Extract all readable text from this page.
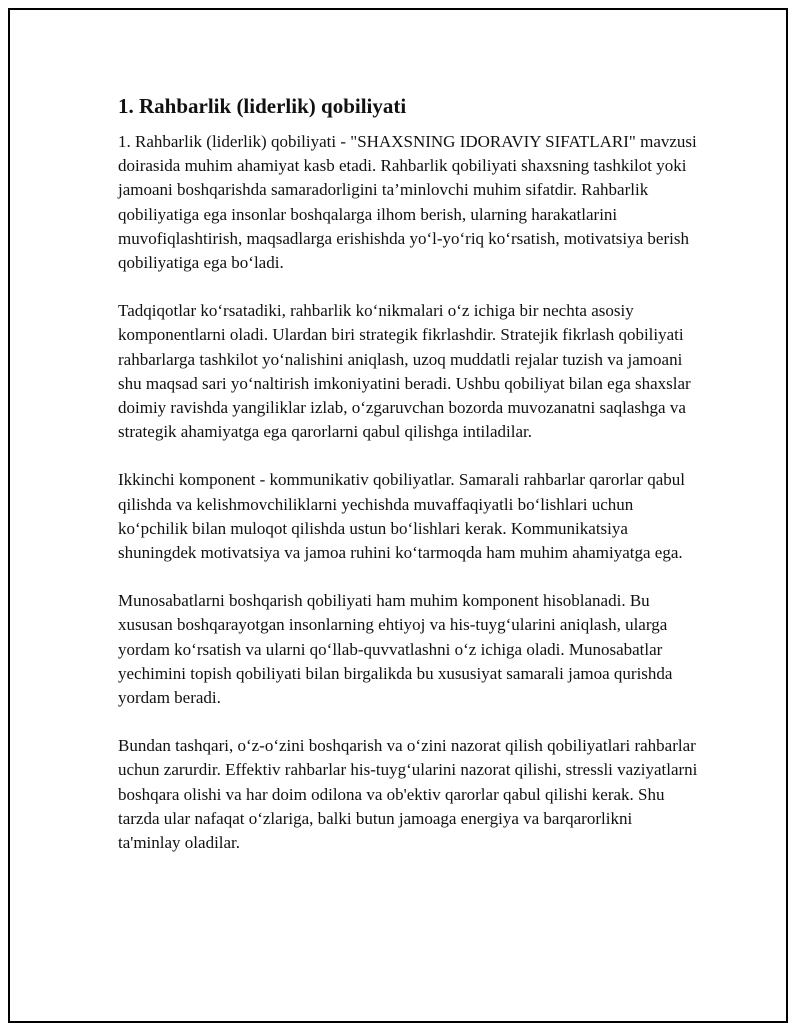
1. Rahbarlik (liderlik) qobiliyati

1. Rahbarlik (liderlik) qobiliyati - "SHAXSNING IDORAVIY SIFATLARI" mavzusi doirasida muhim ahamiyat kasb etadi. Rahbarlik qobiliyati shaxsning tashkilot yoki jamoani boshqarishda samaradorligini ta’minlovchi muhim sifatdir. Rahbarlik qobiliyatiga ega insonlar boshqalarga ilhom berish, ularning harakatlarini muvofiqlashtirish, maqsadlarga erishishda yo‘l-yo‘riq ko‘rsatish, motivatsiya berish qobiliyatiga ega bo‘ladi.

Tadqiqotlar ko‘rsatadiki, rahbarlik ko‘nikmalari o‘z ichiga bir nechta asosiy komponentlarni oladi. Ulardan biri strategik fikrlashdir. Stratejik fikrlash qobiliyati rahbarlarga tashkilot yo‘nalishini aniqlash, uzoq muddatli rejalar tuzish va jamoani shu maqsad sari yo‘naltirish imkoniyatini beradi. Ushbu qobiliyat bilan ega shaxslar doimiy ravishda yangiliklar izlab, o‘zgaruvchan bozorda muvozanatni saqlashga va strategik ahamiyatga ega qarorlarni qabul qilishga intiladilar.

Ikkinchi komponent - kommunikativ qobiliyatlar. Samarali rahbarlar qarorlar qabul qilishda va kelishmovchiliklarni yechishda muvaffaqiyatli bo‘lishlari uchun ko‘pchilik bilan muloqot qilishda ustun bo‘lishlari kerak. Kommunikatsiya shuningdek motivatsiya va jamoa ruhini ko‘tarmoqda ham muhim ahamiyatga ega.

Munosabatlarni boshqarish qobiliyati ham muhim komponent hisoblanadi. Bu xususan boshqarayotgan insonlarning ehtiyoj va his-tuyg‘ularini aniqlash, ularga yordam ko‘rsatish va ularni qo‘llab-quvvatlashni o‘z ichiga oladi. Munosabatlar yechimini topish qobiliyati bilan birgalikda bu xususiyat samarali jamoa qurishda yordam beradi.

Bundan tashqari, o‘z-o‘zini boshqarish va o‘zini nazorat qilish qobiliyatlari rahbarlar uchun zarurdir. Effektiv rahbarlar his-tuyg‘ularini nazorat qilishi, stressli vaziyatlarni boshqara olishi va har doim odilona va ob'ektiv qarorlar qabul qilishi kerak. Shu tarzda ular nafaqat o‘zlariga, balki butun jamoaga energiya va barqarorlikni ta'minlay oladilar.
